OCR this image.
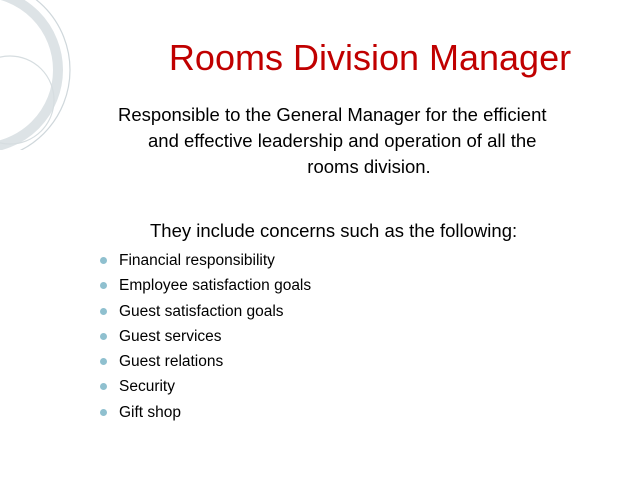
Rooms Division Manager
Responsible to the General Manager for the efficient
and effective leadership and operation of all the
rooms division.
They include concerns such as the following:
Financial responsibility
Employee satisfaction goals
Guest satisfaction goals
Guest services
Guest relations
Security
Gift shop
